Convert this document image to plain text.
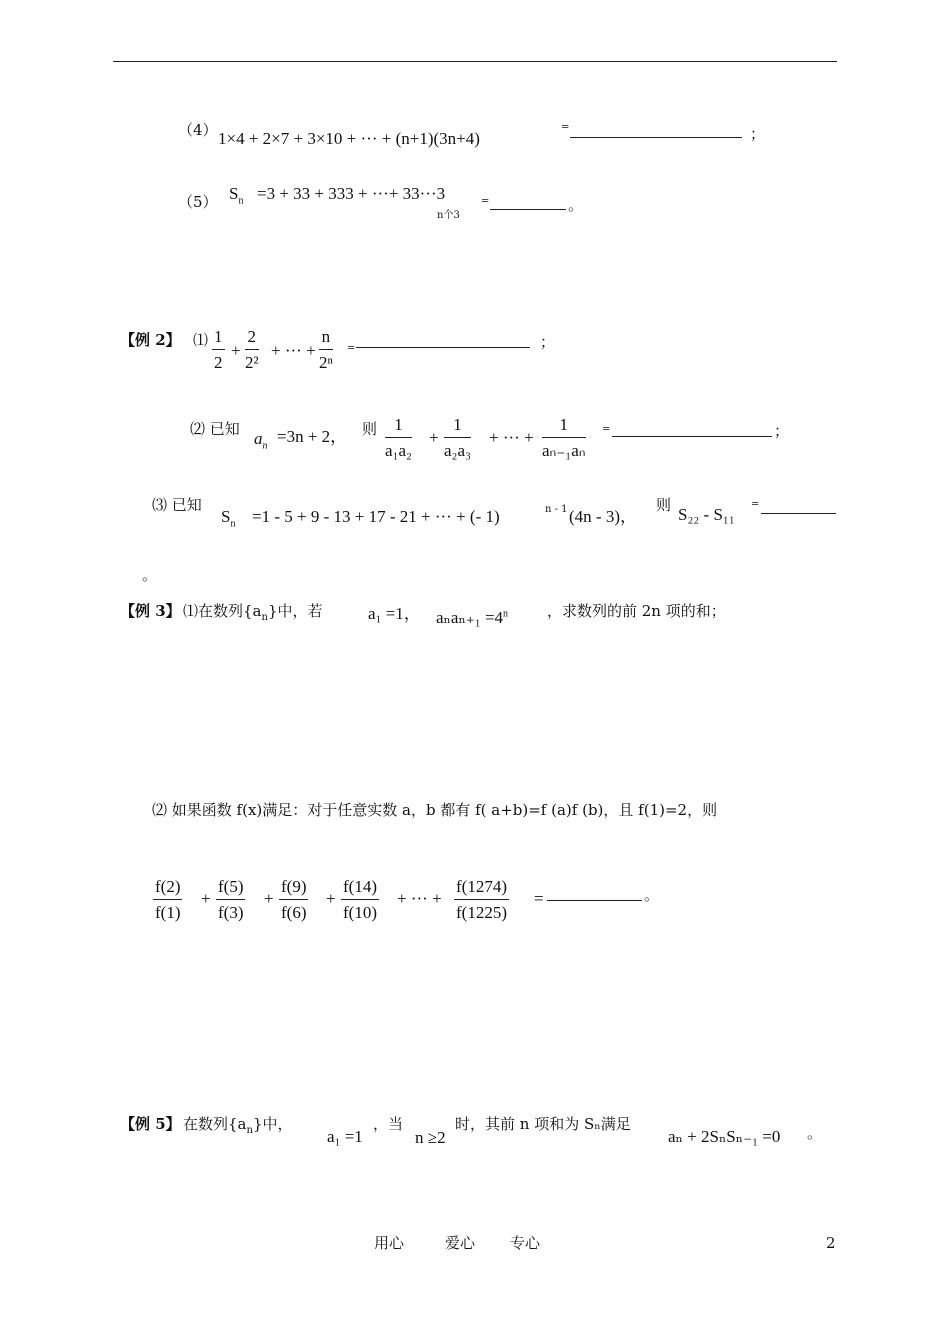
（4） 1×4 + 2×7 + 3×10 + ··· + (n+1)(3n+4)
=	；
（5） $S_n =3 + 33 + 333$ + ···+ 33···3
n个3
=	。
【例 2】 ⑴ $\frac{1}{2} + \frac{2}{\text{2²}}$ + ··· + $\frac{n}{\text{2ⁿ}}$ =	；
⑵ 已知 $a_n =3n + 2$， 则 $\frac{1}{\text{a₁a₂}} + \frac{1}{\text{a₂a₃}}$ + ··· + $\frac{1}{\text{aₙ₋₁aₙ}}$ =	；
⑶ 已知
$S_n =1 - 5 + 9 - 13 + 17 - 21$ + ··· + (- 1)	n - 1 (4n - 3)，
则 S₂₂ - S₁₁
=
。
【例 3】 ⑴在数列$\{a_n\}$中，若	a₁ =1， $a_na_{n+1} =4^n$	，求数列的前 2n 项的和；
⑵ 如果函数 f(x)满足：对于任意实数 a，b 都有 f( a+b)=f (a)f (b)，且 f(1)=2，则
$\frac{f(2)}{f(1)} + \frac{f(5)}{f(3)} + \frac{f(9)}{f(6)} + \frac{f(14)}{f(10)}$ + ··· + $\frac{f(1274)}{f(1225)}$ =	。
【例 5】 在数列$\{a_n\}$中，
a₁ =1
，当
n ≥2
时，其前 n 项和为 Sₙ满足
aₙ + 2SₙSₙ₋₁ =0 。
用心	爱心 专心	2
